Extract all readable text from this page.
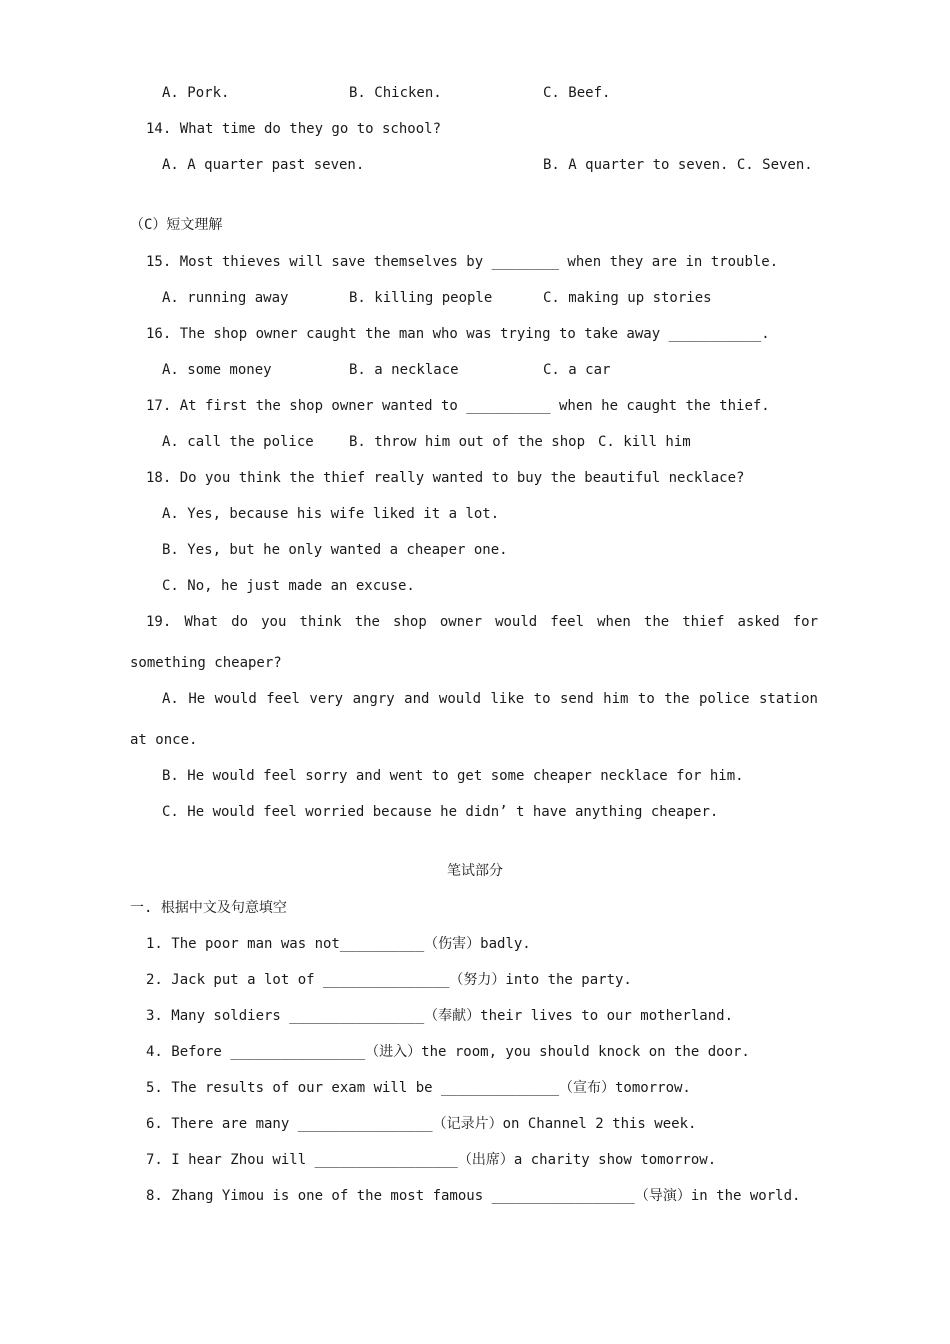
A. Pork.	B. Chicken.	C. Beef.
14. What time do they go to school?
A. A quarter past seven.	B. A quarter to seven. C. Seven.
（C）短文理解
15. Most thieves will save themselves by ________ when they are in trouble.
A. running away	B. killing people	C. making up stories
16. The shop owner caught the man who was trying to take away ___________.
A. some money	B. a necklace	C. a car
17. At first the shop owner wanted to __________ when he caught the thief.
A. call the police	B. throw him out of the shop C. kill him
18. Do you think the thief really wanted to buy the beautiful necklace?
A. Yes, because his wife liked it a lot.
B. Yes, but he only wanted a cheaper one.
C. No, he just made an excuse.
19. What do you think the shop owner would feel when the thief asked for
something cheaper?
A. He would feel very angry and would like to send him to the police station
at once.
B. He would feel sorry and went to get some cheaper necklace for him.
C. He would feel worried because he didn’ t have anything cheaper.
笔试部分
一. 根据中文及句意填空
1. The poor man was not__________（伤害）badly.
2. Jack put a lot of _______________（努力）into the party.
3. Many soldiers ________________（奉献）their lives to our motherland.
4. Before ________________（进入）the room, you should knock on the door.
5. The results of our exam will be ______________（宣布）tomorrow.
6. There are many ________________（记录片）on Channel 2 this week.
7. I hear Zhou will _________________（出席）a charity show tomorrow.
8. Zhang Yimou is one of the most famous _________________（导演）in the world.
